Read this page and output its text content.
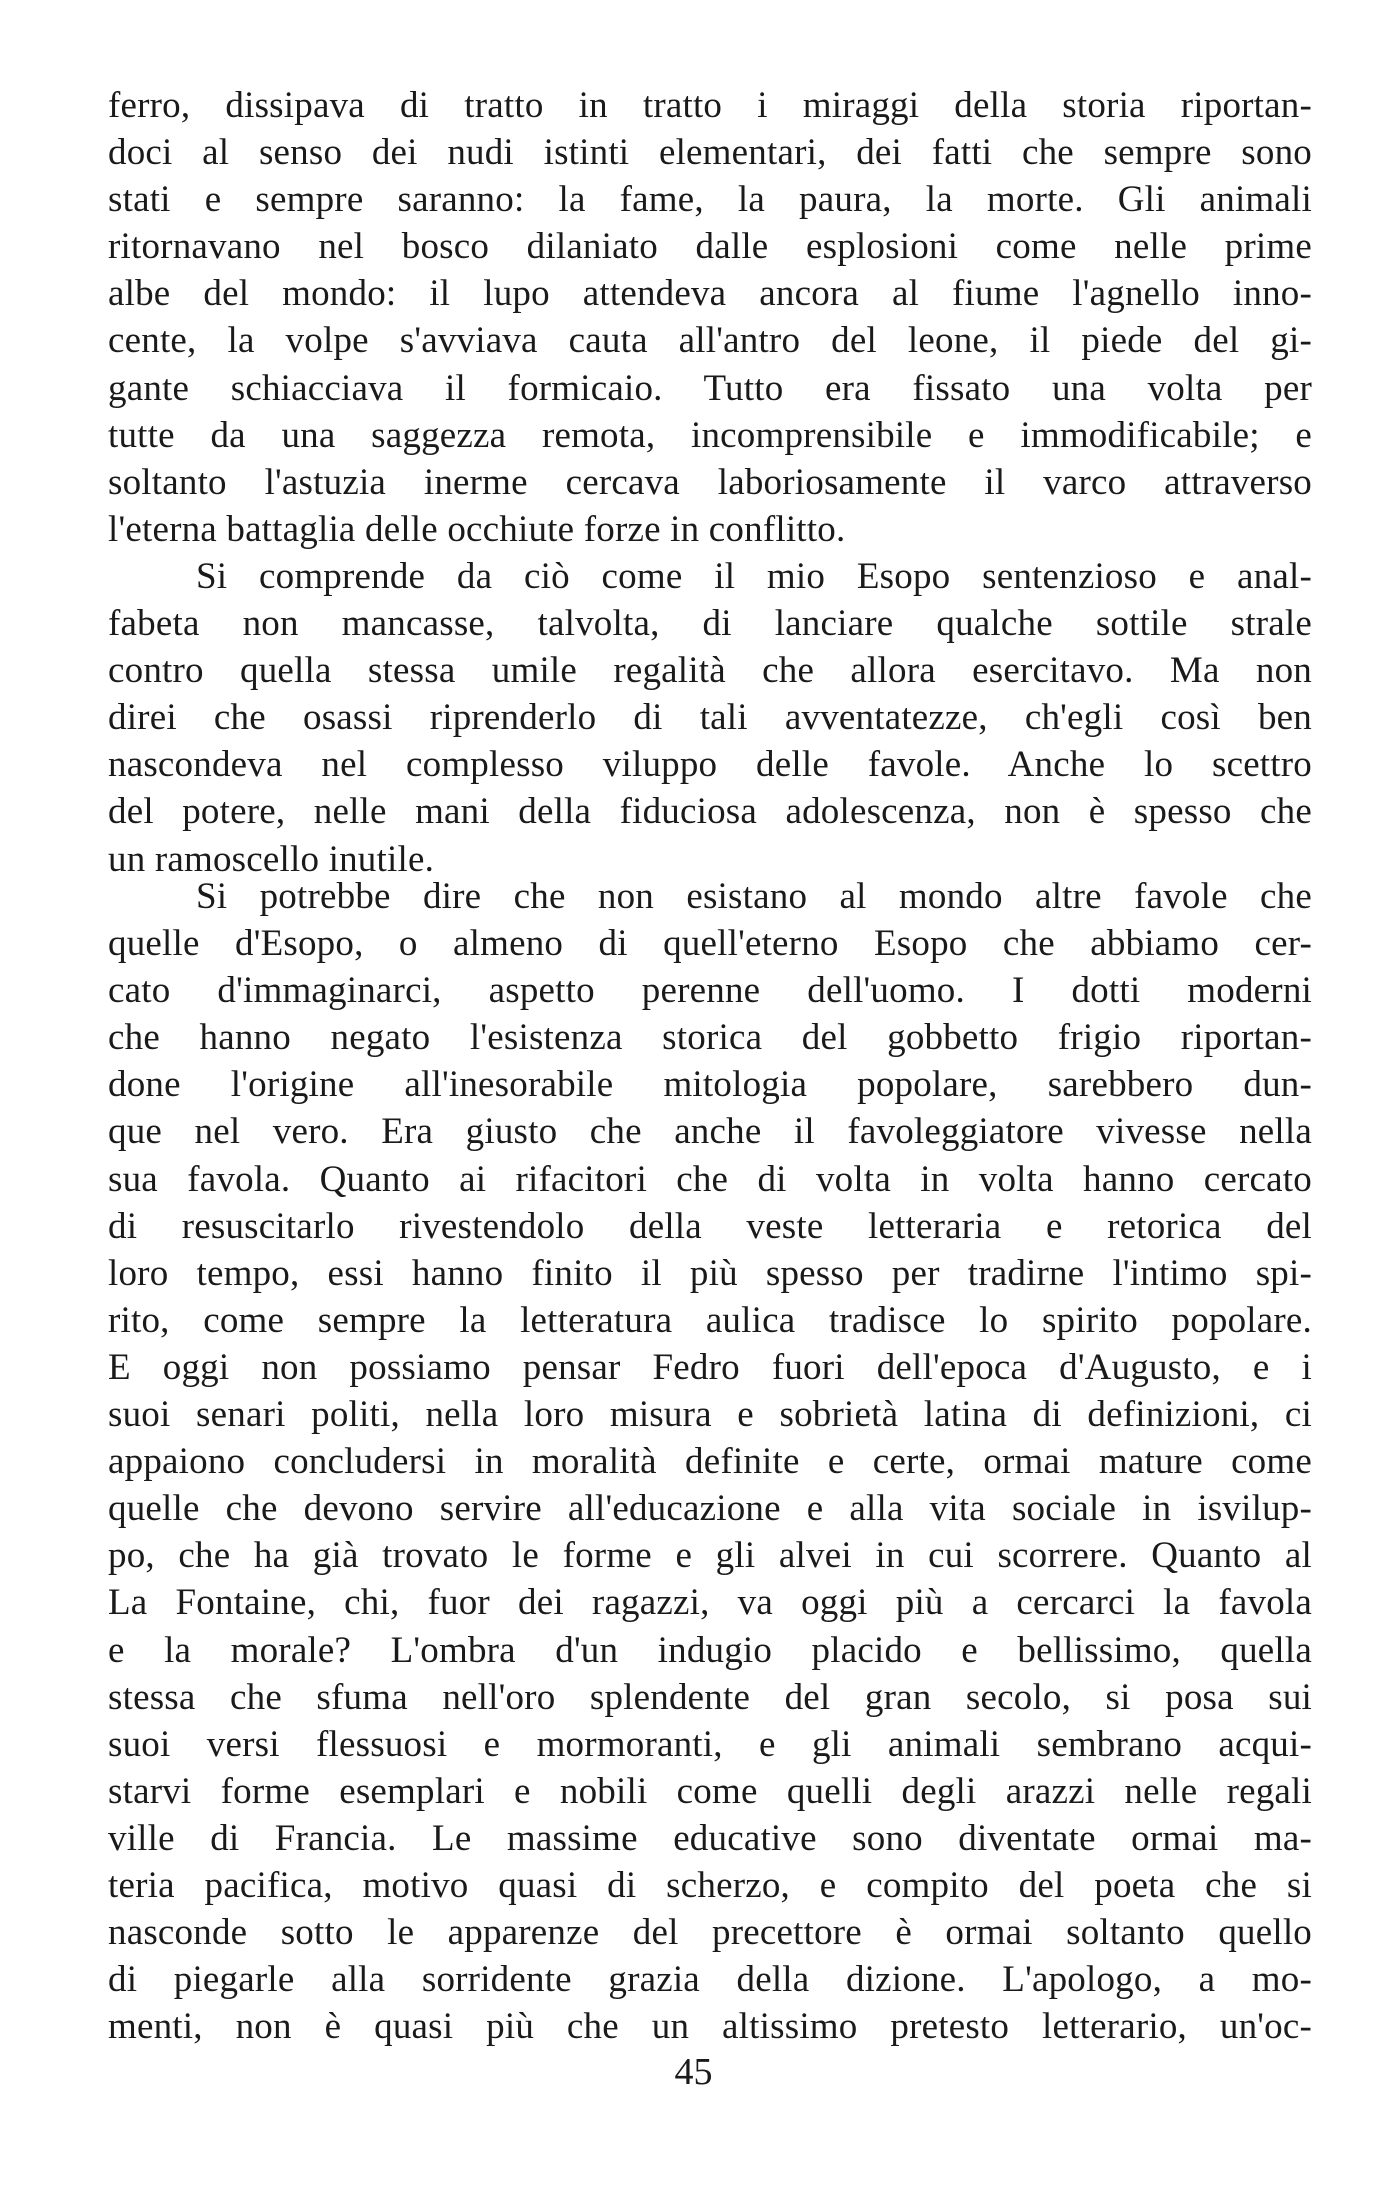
ferro, dissipava di tratto in tratto i miraggi della storia riportan-
doci al senso dei nudi istinti elementari, dei fatti che sempre sono
stati e sempre saranno: la fame, la paura, la morte. Gli animali
ritornavano nel bosco dilaniato dalle esplosioni come nelle prime
albe del mondo: il lupo attendeva ancora al fiume l'agnello inno-
cente, la volpe s'avviava cauta all'antro del leone, il piede del gi-
gante schiacciava il formicaio. Tutto era fissato una volta per
tutte da una saggezza remota, incomprensibile e immodificabile; e
soltanto l'astuzia inerme cercava laboriosamente il varco attraverso
l'eterna battaglia delle occhiute forze in conflitto.
Si comprende da ciò come il mio Esopo sentenzioso e anal-
fabeta non mancasse, talvolta, di lanciare qualche sottile strale
contro quella stessa umile regalità che allora esercitavo. Ma non
direi che osassi riprenderlo di tali avventatezze, ch'egli così ben
nascondeva nel complesso viluppo delle favole. Anche lo scettro
del potere, nelle mani della fiduciosa adolescenza, non è spesso che
un ramoscello inutile.
Si potrebbe dire che non esistano al mondo altre favole che
quelle d'Esopo, o almeno di quell'eterno Esopo che abbiamo cer-
cato d'immaginarci, aspetto perenne dell'uomo. I dotti moderni
che hanno negato l'esistenza storica del gobbetto frigio riportan-
done l'origine all'inesorabile mitologia popolare, sarebbero dun-
que nel vero. Era giusto che anche il favoleggiatore vivesse nella
sua favola. Quanto ai rifacitori che di volta in volta hanno cercato
di resuscitarlo rivestendolo della veste letteraria e retorica del
loro tempo, essi hanno finito il più spesso per tradirne l'intimo spi-
rito, come sempre la letteratura aulica tradisce lo spirito popolare.
E oggi non possiamo pensar Fedro fuori dell'epoca d'Augusto, e i
suoi senari politi, nella loro misura e sobrietà latina di definizioni, ci
appaiono concludersi in moralità definite e certe, ormai mature come
quelle che devono servire all'educazione e alla vita sociale in isvilup-
po, che ha già trovato le forme e gli alvei in cui scorrere. Quanto al
La Fontaine, chi, fuor dei ragazzi, va oggi più a cercarci la favola
e la morale? L'ombra d'un indugio placido e bellissimo, quella
stessa che sfuma nell'oro splendente del gran secolo, si posa sui
suoi versi flessuosi e mormoranti, e gli animali sembrano acqui-
starvi forme esemplari e nobili come quelli degli arazzi nelle regali
ville di Francia. Le massime educative sono diventate ormai ma-
teria pacifica, motivo quasi di scherzo, e compito del poeta che si
nasconde sotto le apparenze del precettore è ormai soltanto quello
di piegarle alla sorridente grazia della dizione. L'apologo, a mo-
menti, non è quasi più che un altissimo pretesto letterario, un'oc-
45
